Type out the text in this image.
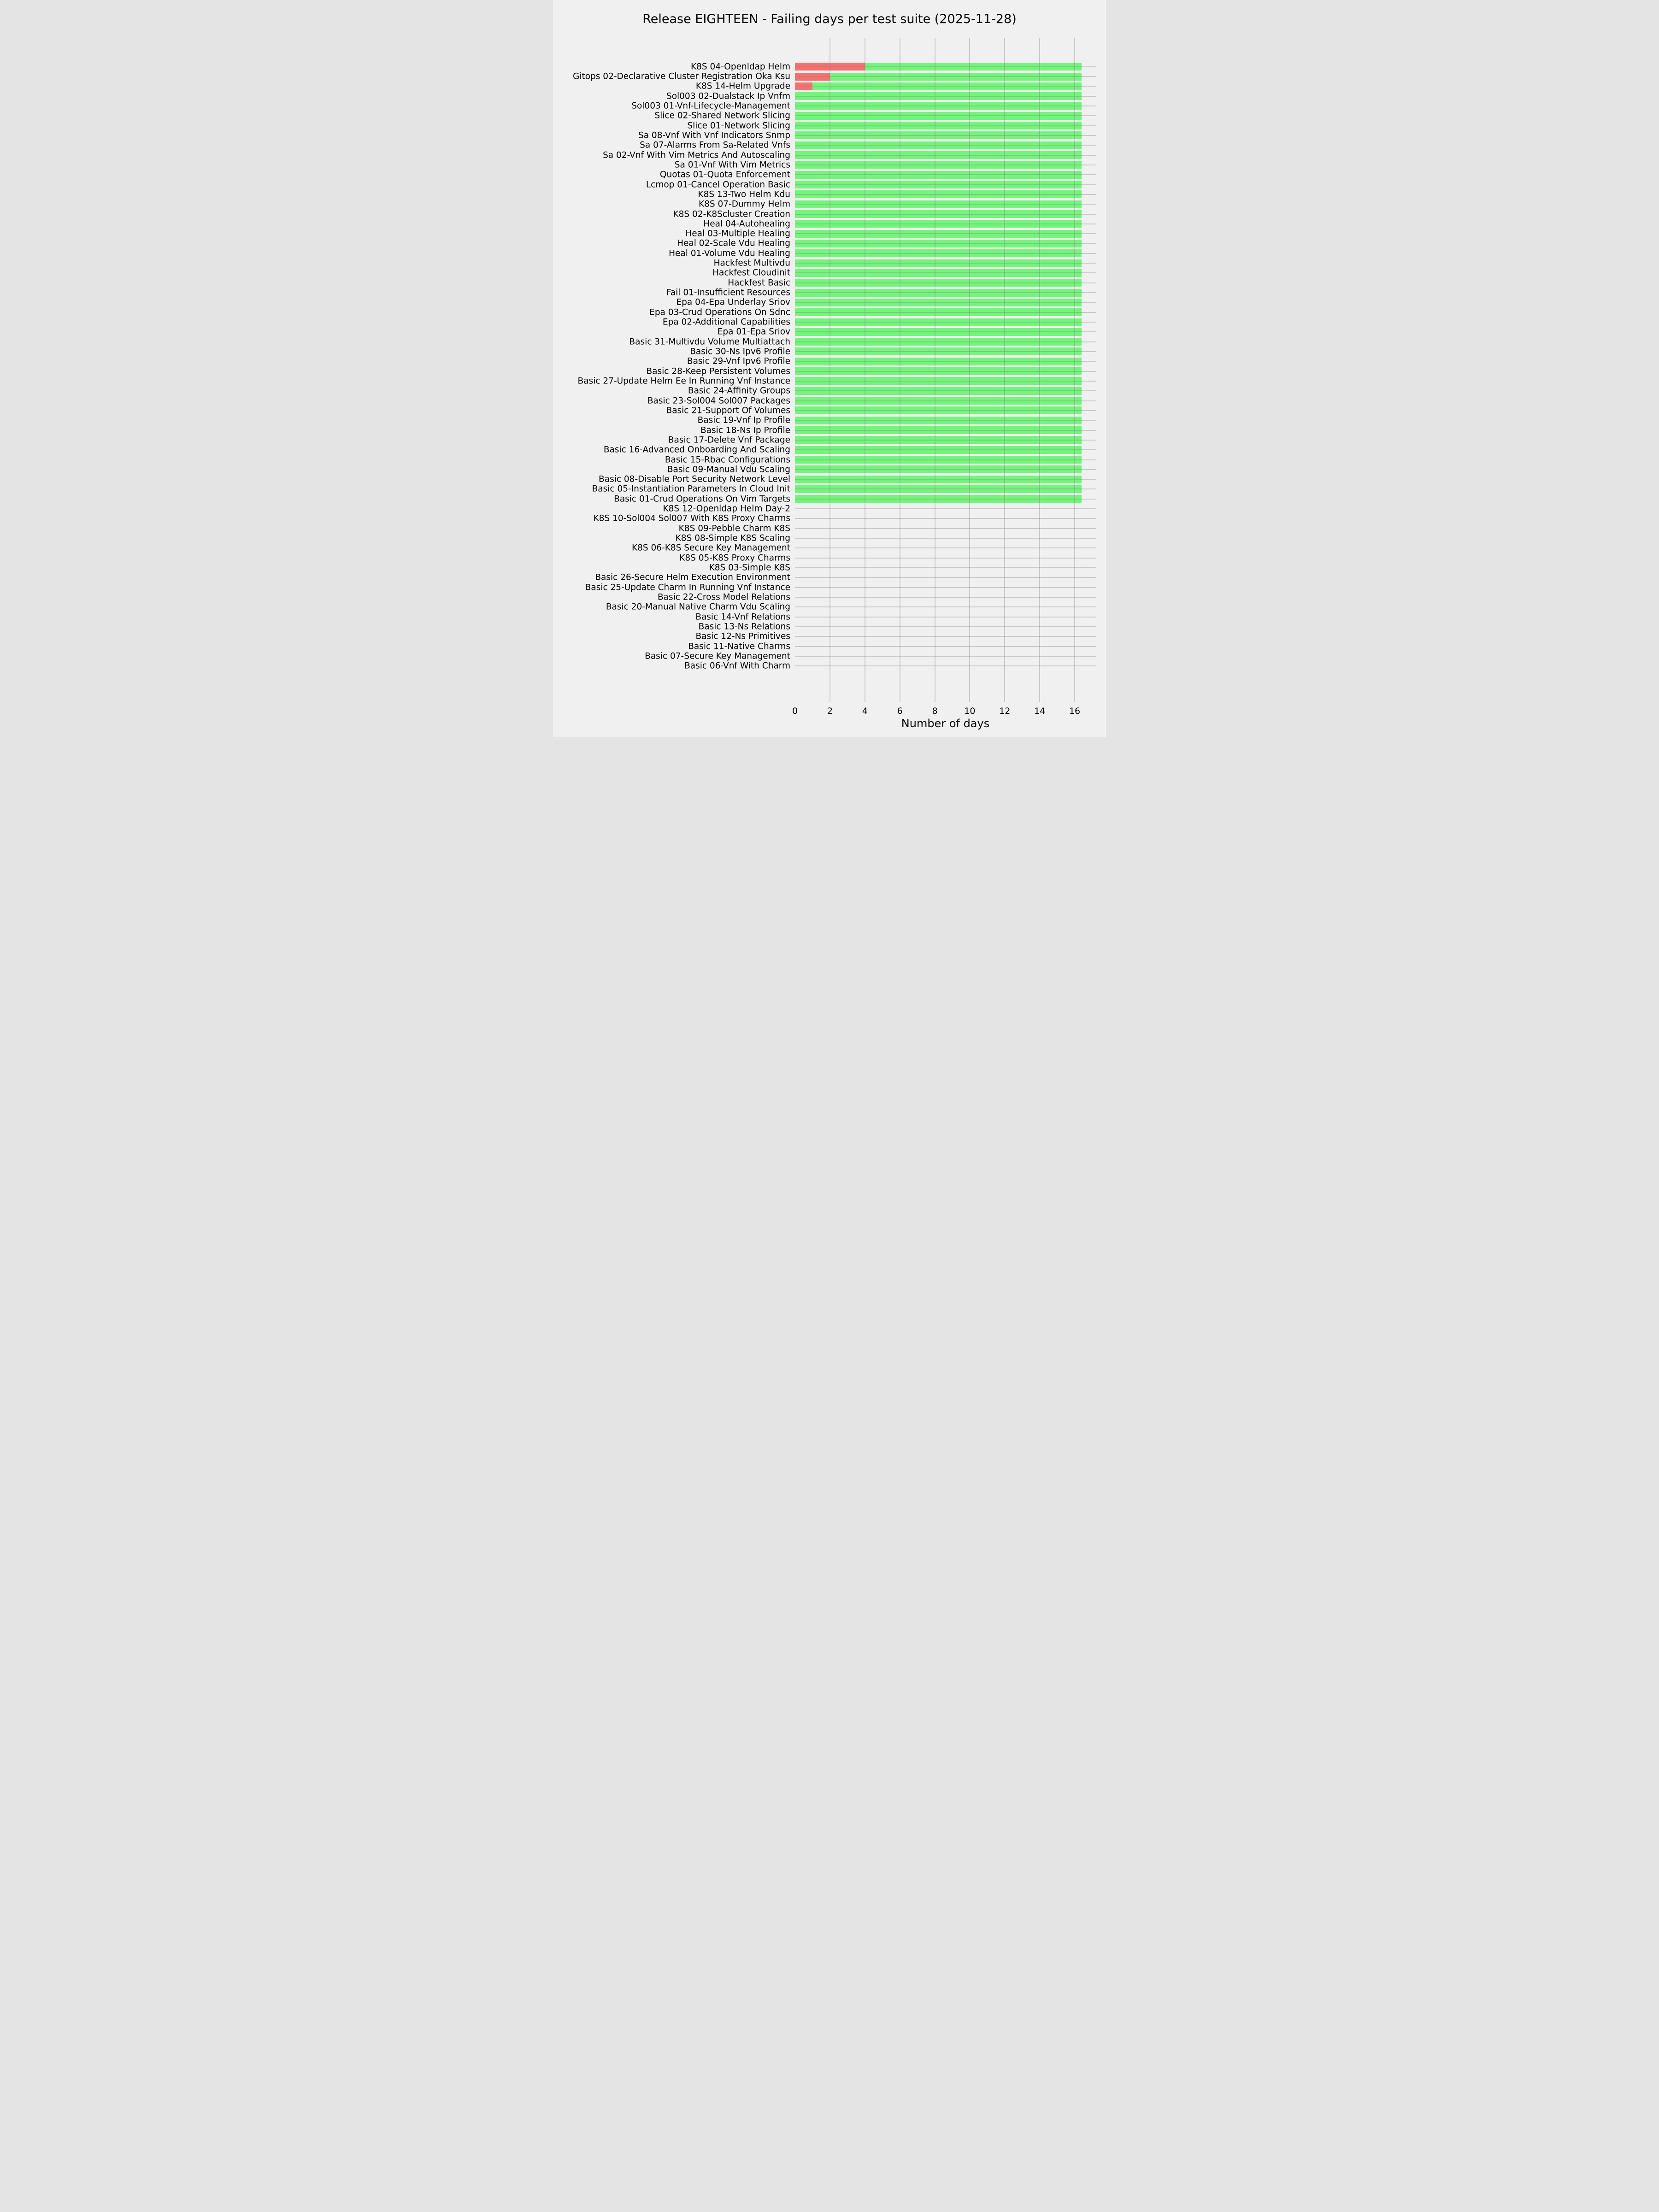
Release EIGHTEEN - Failing days per test suite (2025-11-28)
K8S 04-Openldap Helm
Gitops 02-Declarative Cluster Registration Oka Ksu
K8S 14-Helm Upgrade
Sol003 02-Dualstack Ip Vnfm
Sol003 01-Vnf-Lifecycle-Management
Slice 02-Shared Network Slicing
Slice 01-Network Slicing
Sa 08-Vnf With Vnf Indicators Snmp
Sa 07-Alarms From Sa-Related Vnfs
Sa 02-Vnf With Vim Metrics And Autoscaling
Sa 01-Vnf With Vim Metrics
Quotas 01-Quota Enforcement
Lcmop 01-Cancel Operation Basic
K8S 13-Two Helm Kdu
K8S 07-Dummy Helm
K8S 02-K8Scluster Creation
Heal 04-Autohealing
Heal 03-Multiple Healing
Heal 02-Scale Vdu Healing
Heal 01-Volume Vdu Healing
Hackfest Multivdu
Hackfest Cloudinit
Hackfest Basic
Fail 01-Insufficient Resources
Epa 04-Epa Underlay Sriov
Epa 03-Crud Operations On Sdnc
Epa 02-Additional Capabilities
Epa 01-Epa Sriov
Basic 31-Multivdu Volume Multiattach
Basic 30-Ns Ipv6 Profile
Basic 29-Vnf Ipv6 Profile
Basic 28-Keep Persistent Volumes
Basic 27-Update Helm Ee In Running Vnf Instance
Basic 24-Affinity Groups
Basic 23-Sol004 Sol007 Packages
Basic 21-Support Of Volumes
Basic 19-Vnf Ip Profile
Basic 18-Ns Ip Profile
Basic 17-Delete Vnf Package
Basic 16-Advanced Onboarding And Scaling
Basic 15-Rbac Configurations
Basic 09-Manual Vdu Scaling
Basic 08-Disable Port Security Network Level
Basic 05-Instantiation Parameters In Cloud Init
Basic 01-Crud Operations On Vim Targets
K8S 12-Openldap Helm Day-2
K8S 10-Sol004 Sol007 With K8S Proxy Charms
K8S 09-Pebble Charm K8S
K8S 08-Simple K8S Scaling
K8S 06-K8S Secure Key Management
K8S 05-K8S Proxy Charms
K8S 03-Simple K8S
Basic 26-Secure Helm Execution Environment
Basic 25-Update Charm In Running Vnf Instance
Basic 22-Cross Model Relations
Basic 20-Manual Native Charm Vdu Scaling
Basic 14-Vnf Relations
Basic 13-Ns Relations
Basic 12-Ns Primitives
Basic 11-Native Charms
Basic 07-Secure Key Management
Basic 06-Vnf With Charm
0	2	4	6	8	10	12	14	16
Number of days
